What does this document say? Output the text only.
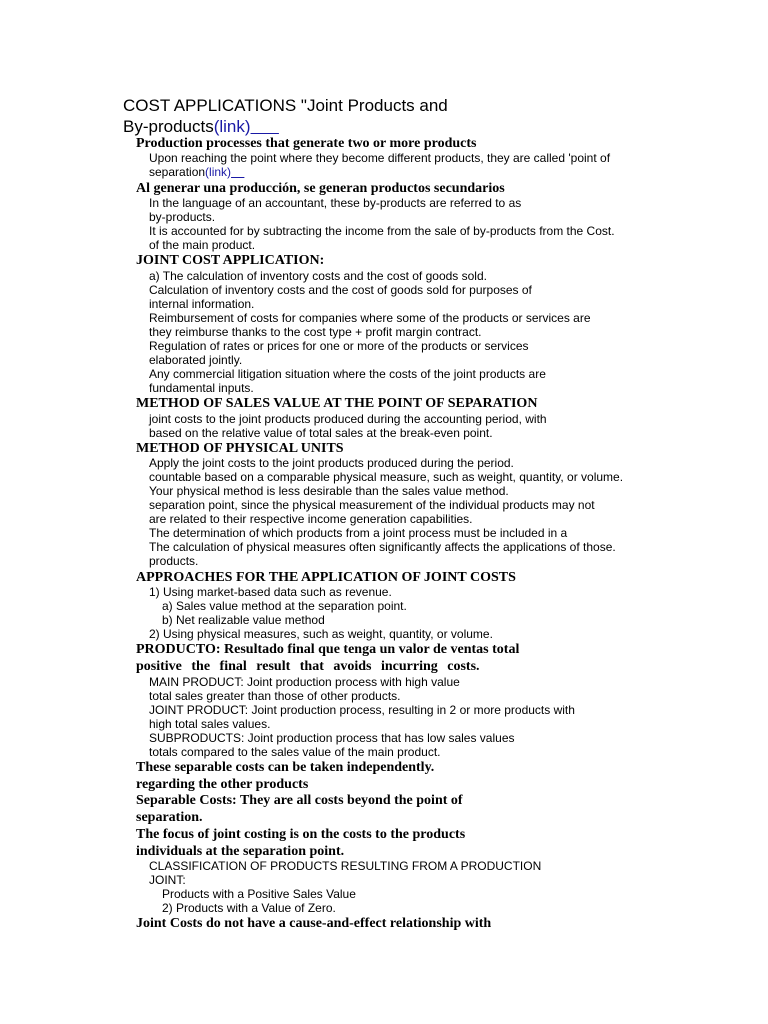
COST APPLICATIONS "Joint Products and
By-products(link)
Production processes that generate two or more products
Upon reaching the point where they become different products, they are called 'point of
separation(link)
Al generar una producción, se generan productos secundarios
In the language of an accountant, these by-products are referred to as
by-products.
It is accounted for by subtracting the income from the sale of by-products from the Cost.
of the main product.
JOINT COST APPLICATION:
a) The calculation of inventory costs and the cost of goods sold.
Calculation of inventory costs and the cost of goods sold for purposes of
internal information.
Reimbursement of costs for companies where some of the products or services are
they reimburse thanks to the cost type + profit margin contract.
Regulation of rates or prices for one or more of the products or services
elaborated jointly.
Any commercial litigation situation where the costs of the joint products are
fundamental inputs.
METHOD OF SALES VALUE AT THE POINT OF SEPARATION
joint costs to the joint products produced during the accounting period, with
based on the relative value of total sales at the break-even point.
METHOD OF PHYSICAL UNITS
Apply the joint costs to the joint products produced during the period.
countable based on a comparable physical measure, such as weight, quantity, or volume.
Your physical method is less desirable than the sales value method.
separation point, since the physical measurement of the individual products may not
are related to their respective income generation capabilities.
The determination of which products from a joint process must be included in a
The calculation of physical measures often significantly affects the applications of those.
products.
APPROACHES FOR THE APPLICATION OF JOINT COSTS
1) Using market-based data such as revenue.
a) Sales value method at the separation point.
b) Net realizable value method
2) Using physical measures, such as weight, quantity, or volume.
PRODUCTO: Resultado final que tenga un valor de ventas total
positive the final result that avoids incurring costs.
MAIN PRODUCT: Joint production process with high value
total sales greater than those of other products.
JOINT PRODUCT: Joint production process, resulting in 2 or more products with
high total sales values.
SUBPRODUCTS: Joint production process that has low sales values
totals compared to the sales value of the main product.
These separable costs can be taken independently.
regarding the other products
Separable Costs: They are all costs beyond the point of
separation.
The focus of joint costing is on the costs to the products
individuals at the separation point.
CLASSIFICATION OF PRODUCTS RESULTING FROM A PRODUCTION
JOINT:
Products with a Positive Sales Value
2) Products with a Value of Zero.
Joint Costs do not have a cause-and-effect relationship with
